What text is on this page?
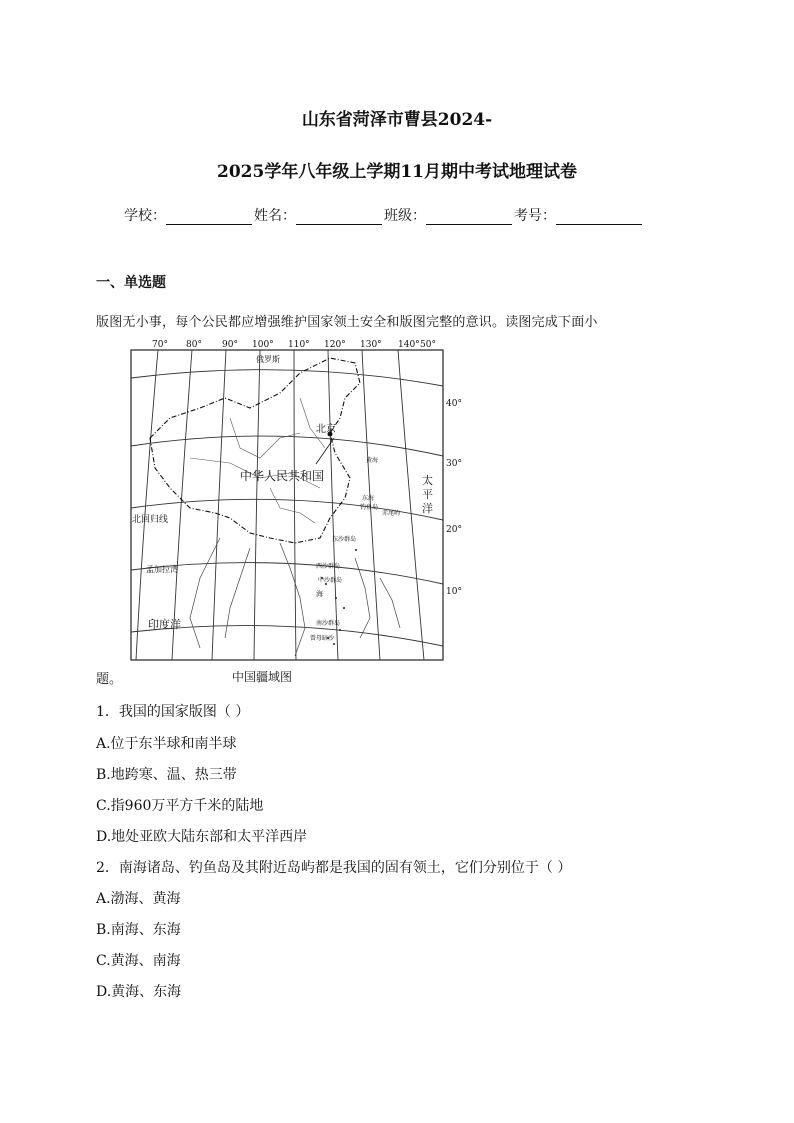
山东省菏泽市曹县2024-
2025学年八年级上学期11月期中考试地理试卷
学校：	姓名：	班级：	考号：
一、单选题
版图无小事，每个公民都应增强维护国家领土安全和版图完整的意识。读图完成下面小
70° 80° 90° 100° 110° 120° 130° 140° 50°
40°
30°
20°
10°
俄罗斯
北京
中华人民共和国	太
平
洋
北回归线
孟加拉湾
印度洋
黄海
东海
钓鱼岛
赤尾屿
东沙群岛
西沙群岛
中沙群岛
海
南沙群岛
曾母暗沙
题。	中国疆域图
1．我国的国家版图（ ）
A.位于东半球和南半球
B.地跨寒、温、热三带
C.指960万平方千米的陆地
D.地处亚欧大陆东部和太平洋西岸
2．南海诸岛、钓鱼岛及其附近岛屿都是我国的固有领土，它们分别位于（ ）
A.渤海、黄海
B.南海、东海
C.黄海、南海
D.黄海、东海
